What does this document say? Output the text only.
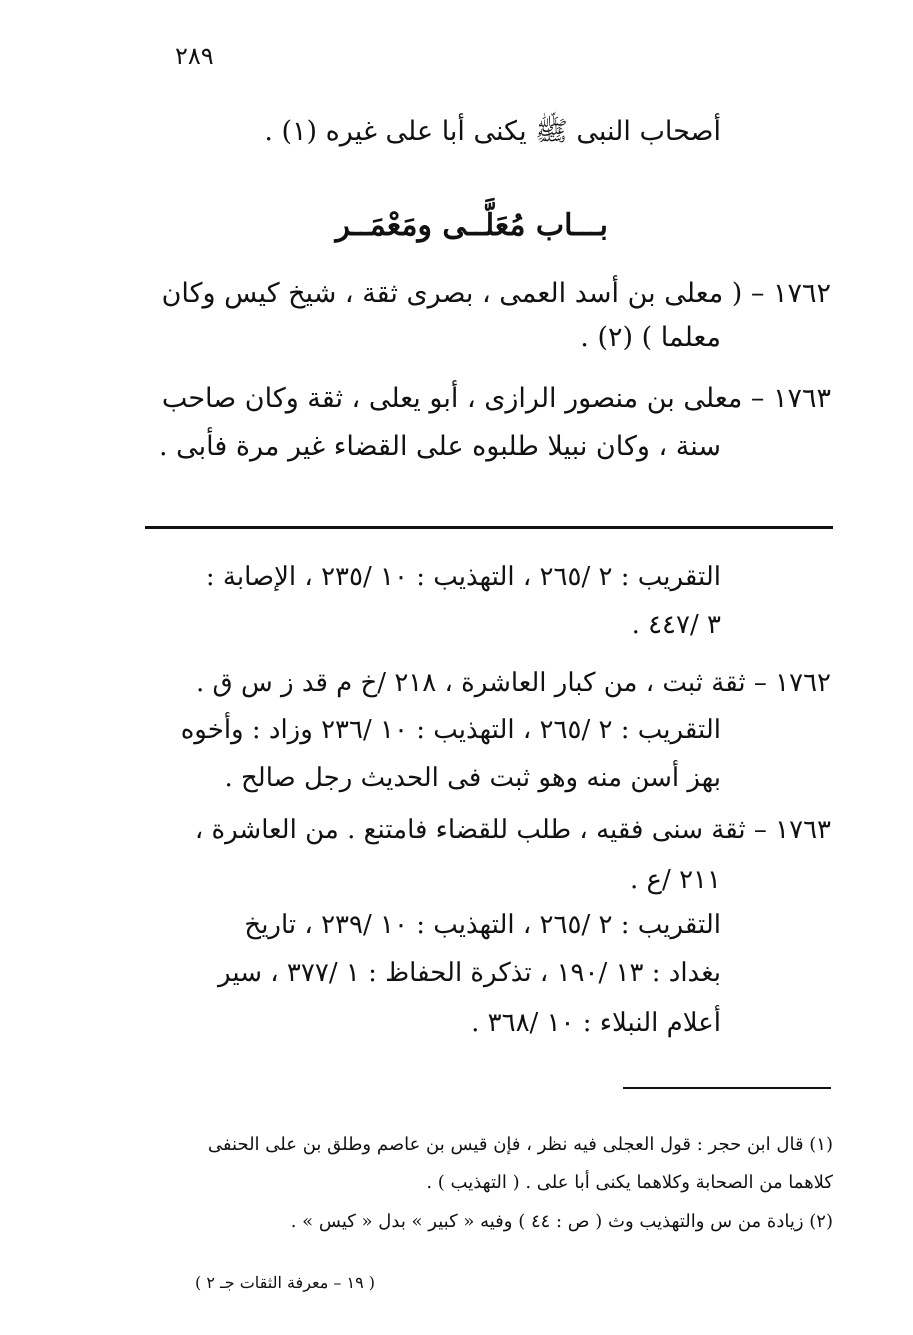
٢٨٩
أصحاب النبى ﷺ يكنى أبا على غيره (١) .
بـــاب مُعَلَّــى ومَعْمَــر
١٧٦٢ – ( معلى بن أسد العمى ، بصرى ثقة ، شيخ كيس وكان
معلما ) (٢) .
١٧٦٣ – معلى بن منصور الرازى ، أبو يعلى ، ثقة وكان صاحب
سنة ، وكان نبيلا طلبوه على القضاء غير مرة فأبى .
التقريب : ٢ /٢٦٥ ، التهذيب : ١٠ /٢٣٥ ، الإصابة :
٣ /٤٤٧ .
١٧٦٢ – ثقة ثبت ، من كبار العاشرة ، ٢١٨ /خ م قد ز س ق .
التقريب : ٢ /٢٦٥ ، التهذيب : ١٠ /٢٣٦ وزاد : وأخوه
بهز أسن منه وهو ثبت فى الحديث رجل صالح .
١٧٦٣ – ثقة سنى فقيه ، طلب للقضاء فامتنع . من العاشرة ،
٢١١ /ع .
التقريب : ٢ /٢٦٥ ، التهذيب : ١٠ /٢٣٩ ، تاريخ
بغداد : ١٣ /١٩٠ ، تذكرة الحفاظ : ١ /٣٧٧ ، سير
أعلام النبلاء : ١٠ /٣٦٨ .
(١) قال ابن حجر : قول العجلى فيه نظر ، فإن قيس بن عاصم وطلق بن على الحنفى
كلاهما من الصحابة وكلاهما يكنى أبا على . ( التهذيب ) .
(٢) زيادة من س والتهذيب وث ( ص : ٤٤ ) وفيه « كبير » بدل « كيس » .
( ١٩ – معرفة الثقات جـ ٢ )
